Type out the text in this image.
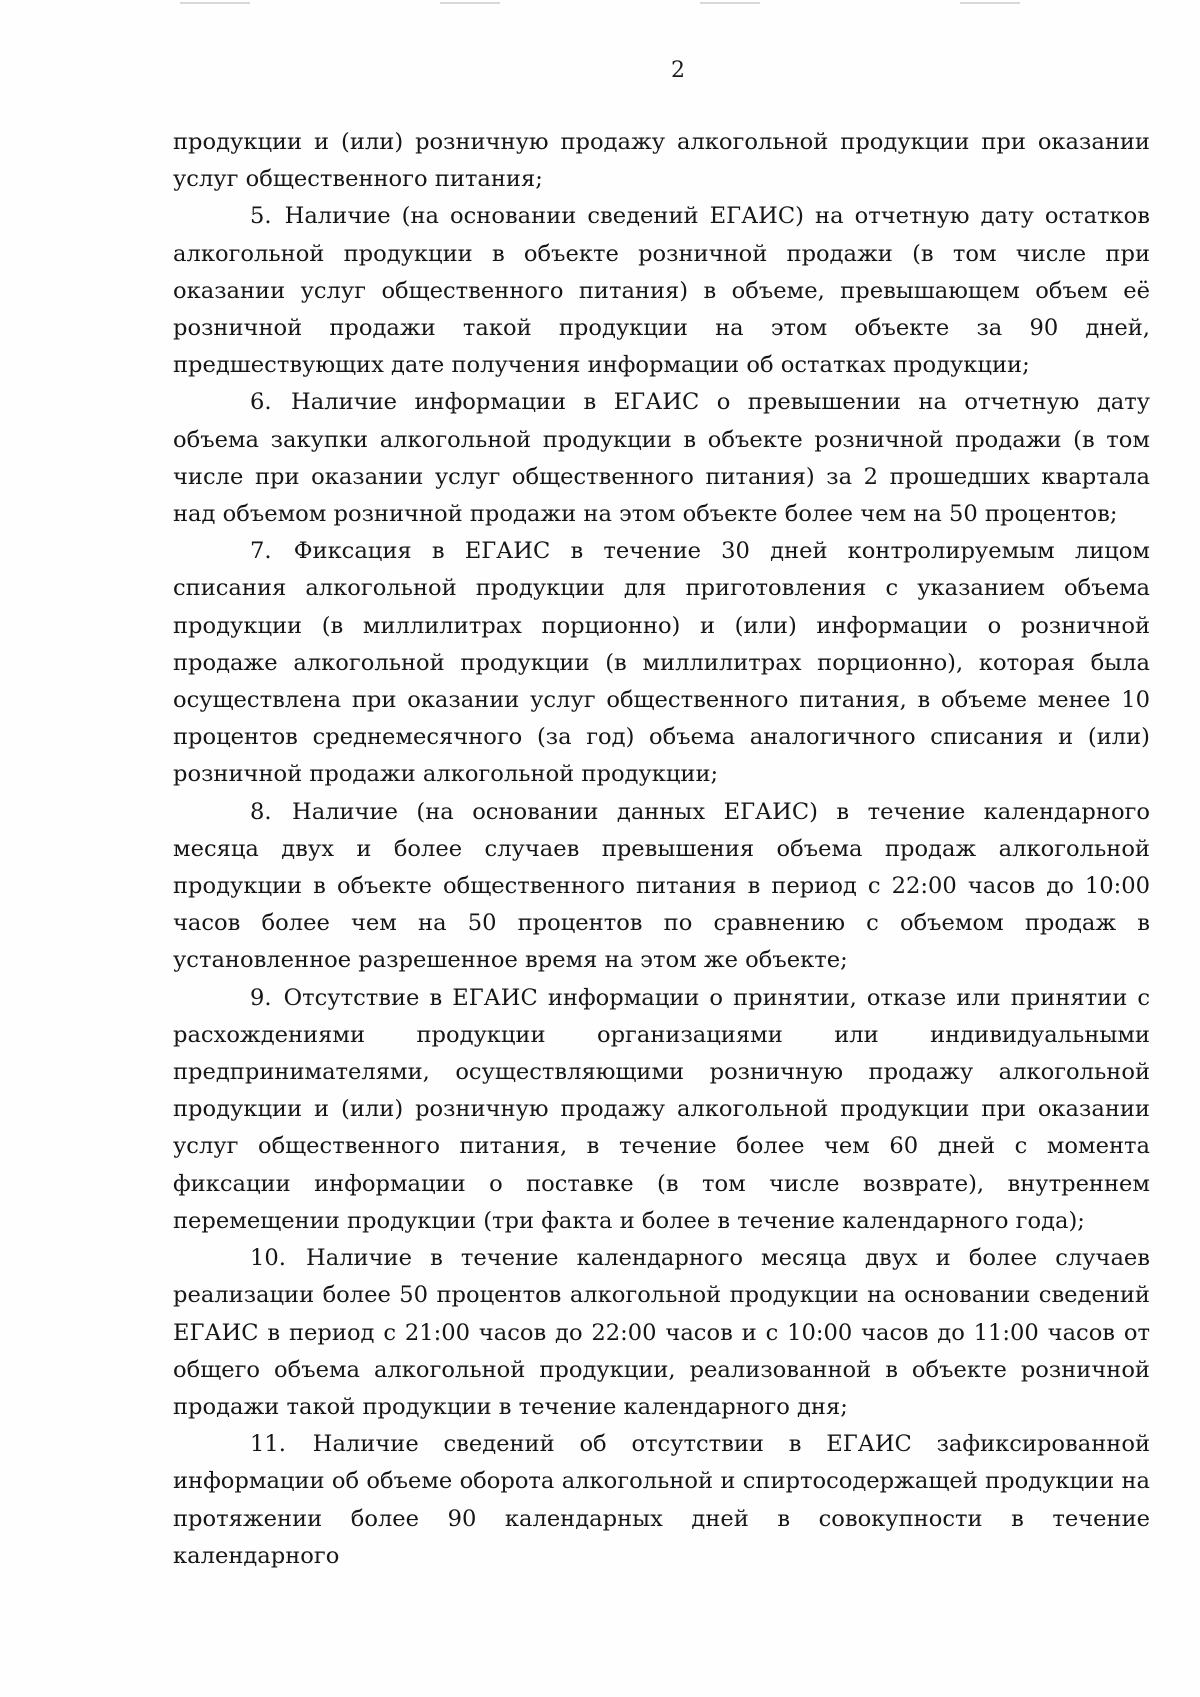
2

продукции и (или) розничную продажу алкогольной продукции при оказании услуг общественного питания;

5. Наличие (на основании сведений ЕГАИС) на отчетную дату остатков алкогольной продукции в объекте розничной продажи (в том числе при оказании услуг общественного питания) в объеме, превышающем объем её розничной продажи такой продукции на этом объекте за 90 дней, предшествующих дате получения информации об остатках продукции;

6. Наличие информации в ЕГАИС о превышении на отчетную дату объема закупки алкогольной продукции в объекте розничной продажи (в том числе при оказании услуг общественного питания) за 2 прошедших квартала над объемом розничной продажи на этом объекте более чем на 50 процентов;

7. Фиксация в ЕГАИС в течение 30 дней контролируемым лицом списания алкогольной продукции для приготовления с указанием объема продукции (в миллилитрах порционно) и (или) информации о розничной продаже алкогольной продукции (в миллилитрах порционно), которая была осуществлена при оказании услуг общественного питания, в объеме менее 10 процентов среднемесячного (за год) объема аналогичного списания и (или) розничной продажи алкогольной продукции;

8. Наличие (на основании данных ЕГАИС) в течение календарного месяца двух и более случаев превышения объема продаж алкогольной продукции в объекте общественного питания в период с 22:00 часов до 10:00 часов более чем на 50 процентов по сравнению с объемом продаж в установленное разрешенное время на этом же объекте;

9. Отсутствие в ЕГАИС информации о принятии, отказе или принятии с расхождениями продукции организациями или индивидуальными предпринимателями, осуществляющими розничную продажу алкогольной продукции и (или) розничную продажу алкогольной продукции при оказании услуг общественного питания, в течение более чем 60 дней с момента фиксации информации о поставке (в том числе возврате), внутреннем перемещении продукции (три факта и более в течение календарного года);

10. Наличие в течение календарного месяца двух и более случаев реализации более 50 процентов алкогольной продукции на основании сведений ЕГАИС в период с 21:00 часов до 22:00 часов и с 10:00 часов до 11:00 часов от общего объема алкогольной продукции, реализованной в объекте розничной продажи такой продукции в течение календарного дня;

11. Наличие сведений об отсутствии в ЕГАИС зафиксированной информации об объеме оборота алкогольной и спиртосодержащей продукции на протяжении более 90 календарных дней в совокупности в течение календарного
